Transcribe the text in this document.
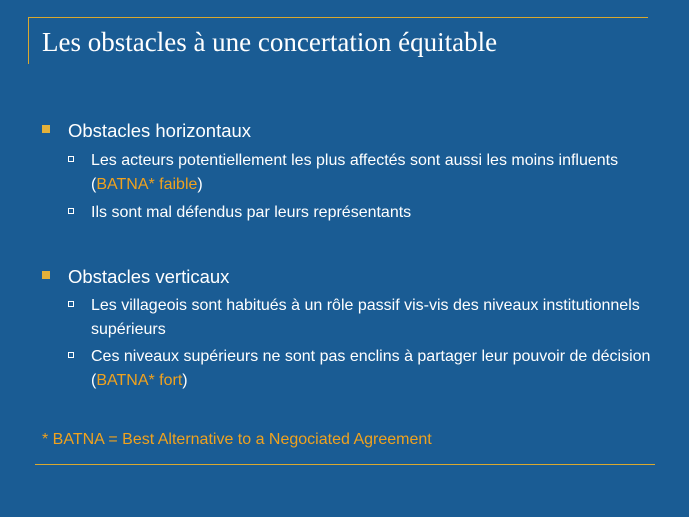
Les obstacles à une concertation équitable
Obstacles horizontaux
Les acteurs potentiellement les plus affectés sont aussi les moins influents (BATNA* faible)
Ils sont mal défendus par leurs représentants
Obstacles verticaux
Les villageois sont habitués à un rôle passif vis-vis des niveaux institutionnels supérieurs
Ces niveaux supérieurs ne sont pas enclins à partager leur pouvoir de décision (BATNA* fort)
* BATNA = Best Alternative to a Negociated Agreement
